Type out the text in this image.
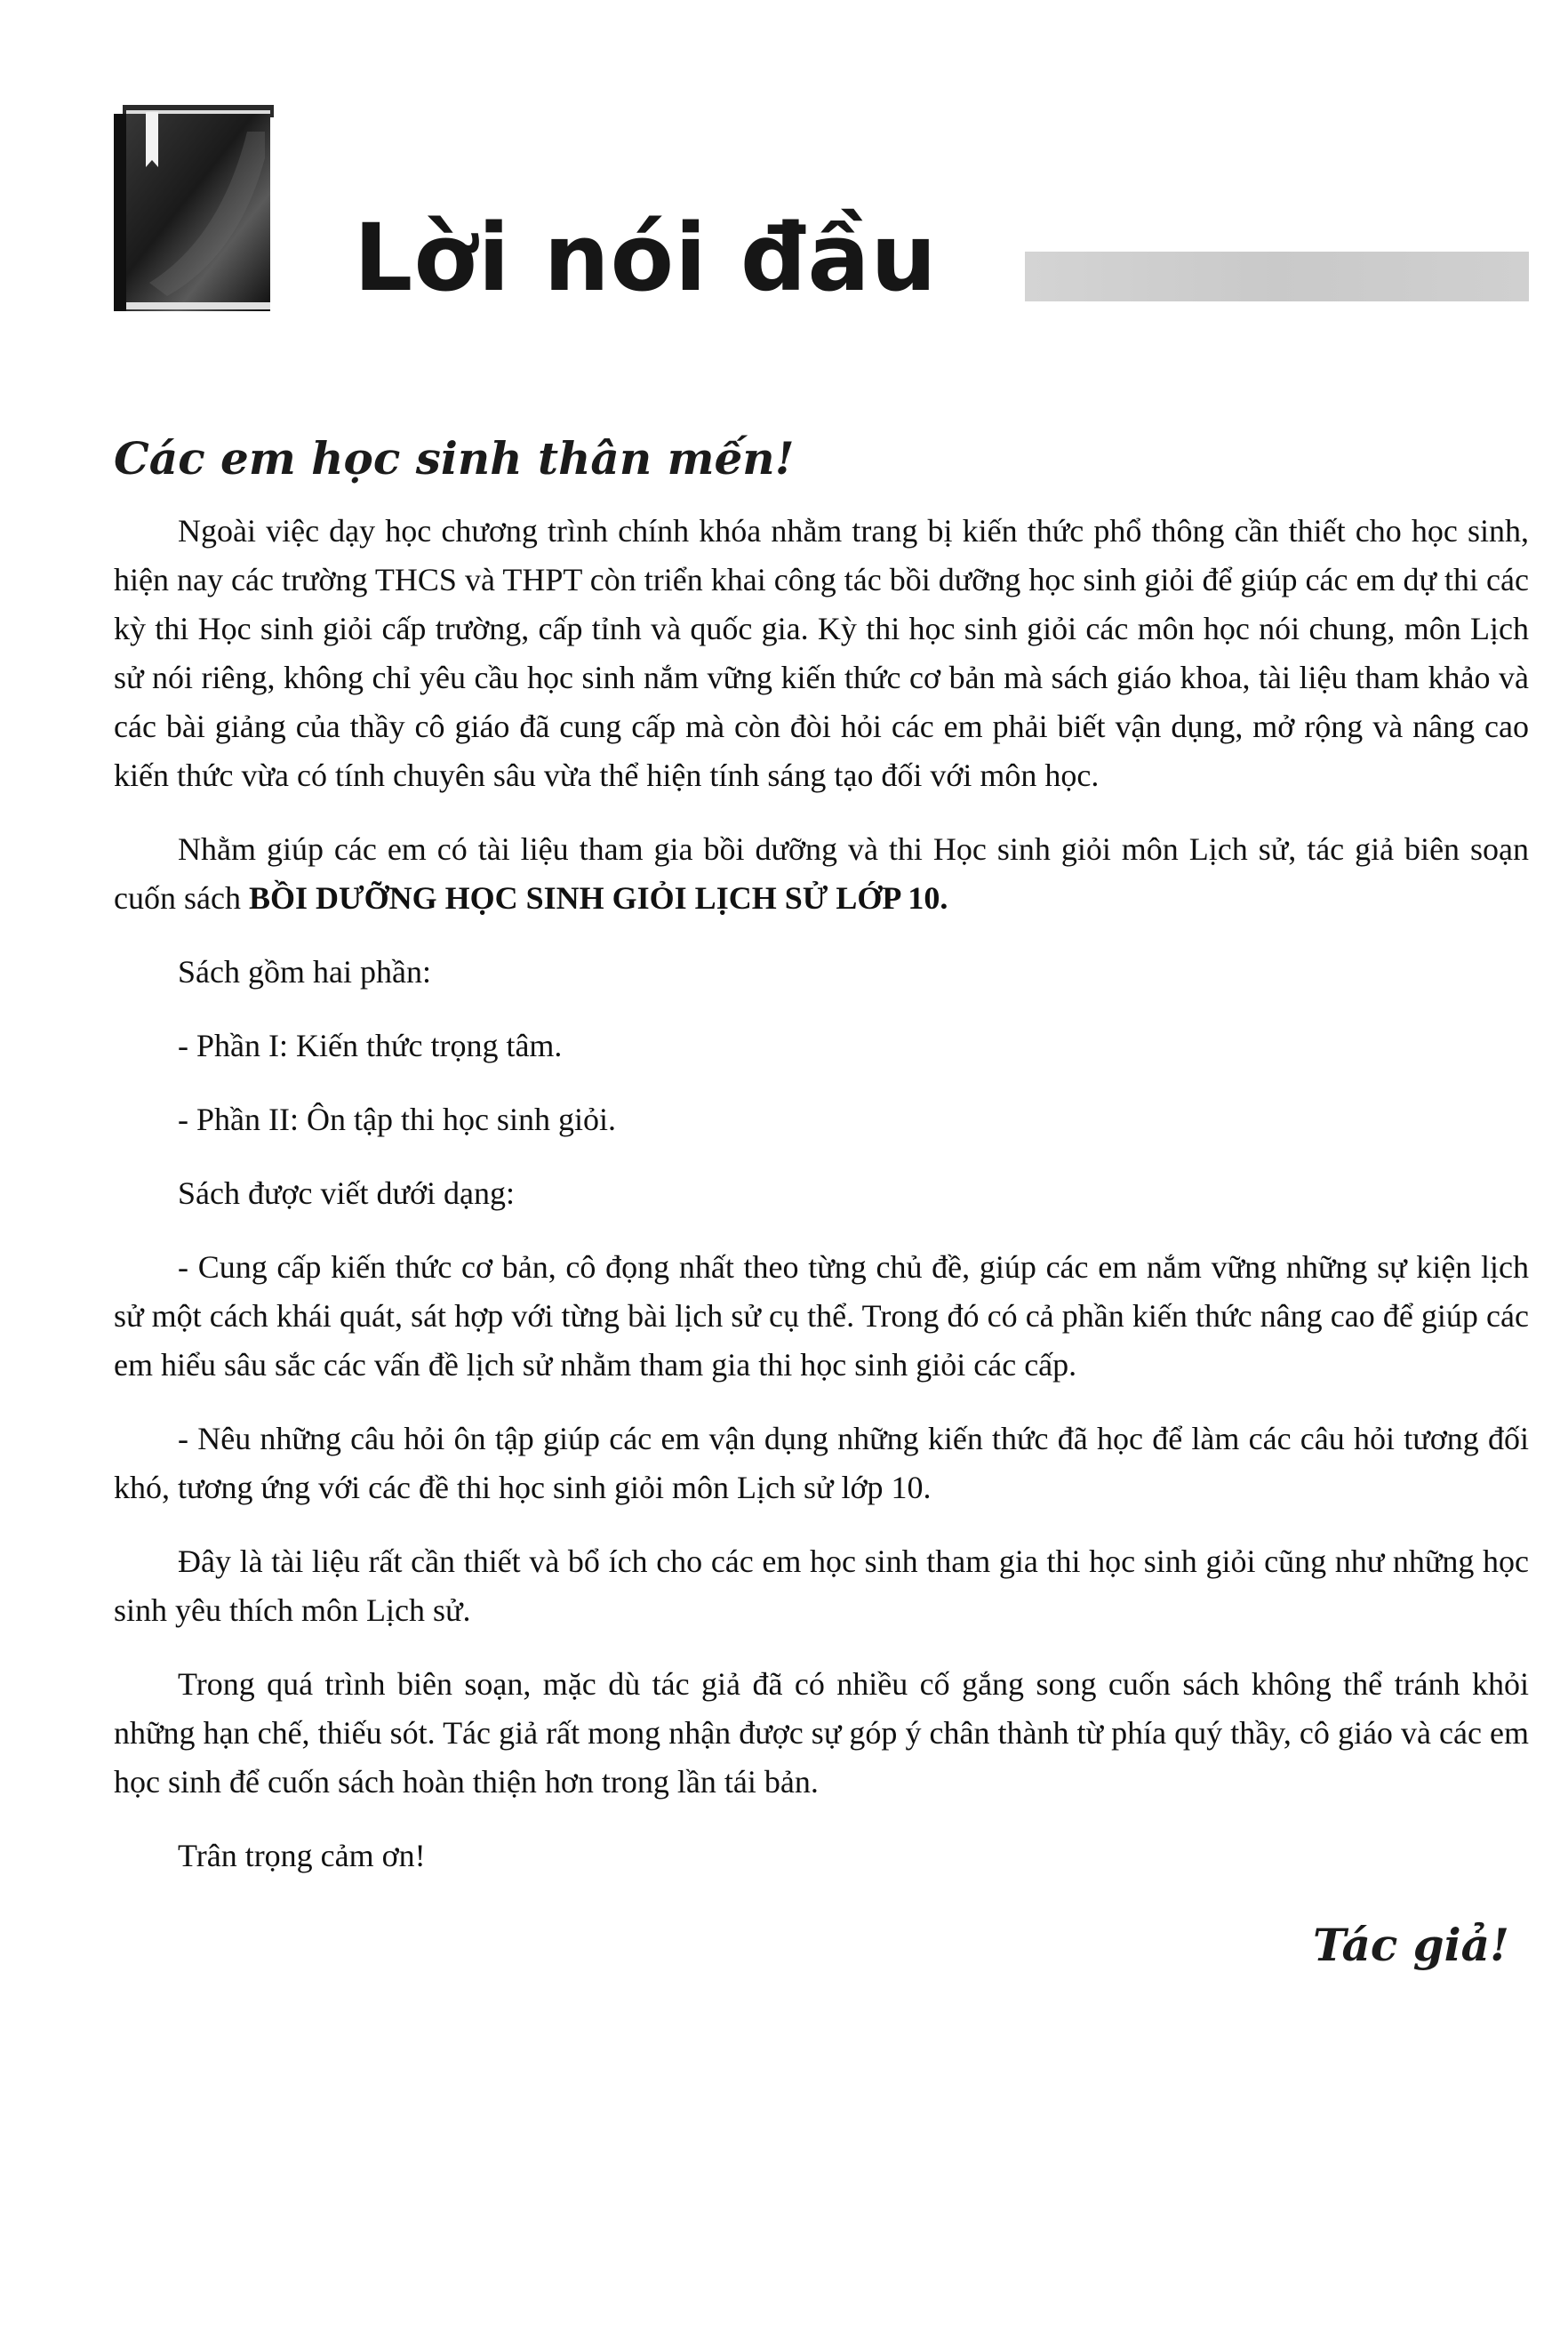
Lời nói đầu
Các em học sinh thân mến!

Ngoài việc dạy học chương trình chính khóa nhằm trang bị kiến thức phổ thông cần thiết cho học sinh, hiện nay các trường THCS và THPT còn triển khai công tác bồi dưỡng học sinh giỏi để giúp các em dự thi các kỳ thi Học sinh giỏi cấp trường, cấp tỉnh và quốc gia. Kỳ thi học sinh giỏi các môn học nói chung, môn Lịch sử nói riêng, không chỉ yêu cầu học sinh nắm vững kiến thức cơ bản mà sách giáo khoa, tài liệu tham khảo và các bài giảng của thầy cô giáo đã cung cấp mà còn đòi hỏi các em phải biết vận dụng, mở rộng và nâng cao kiến thức vừa có tính chuyên sâu vừa thể hiện tính sáng tạo đối với môn học.

Nhằm giúp các em có tài liệu tham gia bồi dưỡng và thi Học sinh giỏi môn Lịch sử, tác giả biên soạn cuốn sách BỒI DƯỠNG HỌC SINH GIỎI LỊCH SỬ LỚP 10.

Sách gồm hai phần:

- Phần I: Kiến thức trọng tâm.

- Phần II: Ôn tập thi học sinh giỏi.

Sách được viết dưới dạng:

- Cung cấp kiến thức cơ bản, cô đọng nhất theo từng chủ đề, giúp các em nắm vững những sự kiện lịch sử một cách khái quát, sát hợp với từng bài lịch sử cụ thể. Trong đó có cả phần kiến thức nâng cao để giúp các em hiểu sâu sắc các vấn đề lịch sử nhằm tham gia thi học sinh giỏi các cấp.

- Nêu những câu hỏi ôn tập giúp các em vận dụng những kiến thức đã học để làm các câu hỏi tương đối khó, tương ứng với các đề thi học sinh giỏi môn Lịch sử lớp 10.

Đây là tài liệu rất cần thiết và bổ ích cho các em học sinh tham gia thi học sinh giỏi cũng như những học sinh yêu thích môn Lịch sử.

Trong quá trình biên soạn, mặc dù tác giả đã có nhiều cố gắng song cuốn sách không thể tránh khỏi những hạn chế, thiếu sót. Tác giả rất mong nhận được sự góp ý chân thành từ phía quý thầy, cô giáo và các em học sinh để cuốn sách hoàn thiện hơn trong lần tái bản.

Trân trọng cảm ơn!

Tác giả!
